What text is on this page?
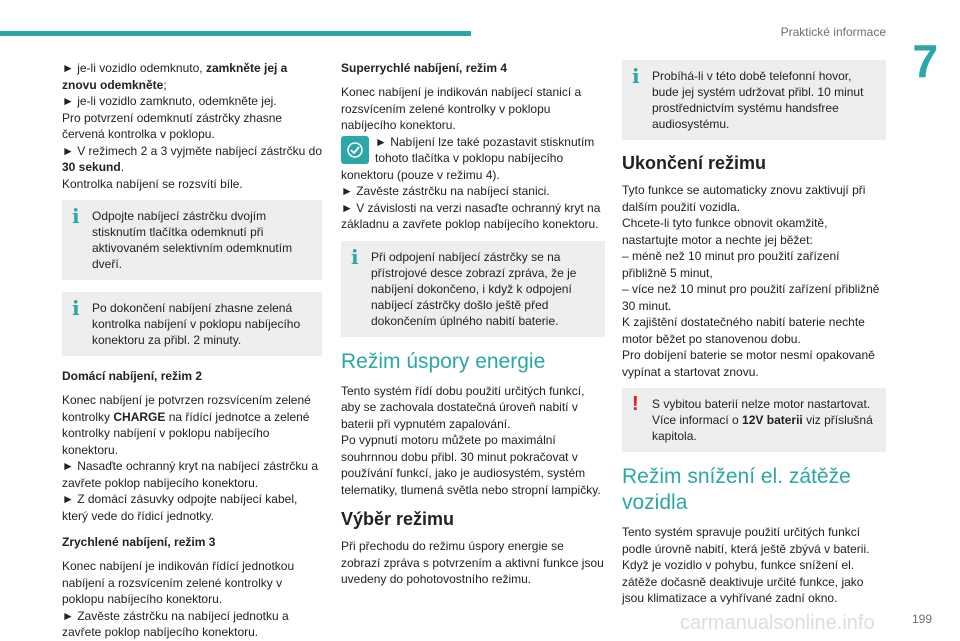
Praktické informace
7

► je-li vozidlo odemknuto, zamkněte jej a znovu odemkněte;

► je-li vozidlo zamknuto, odemkněte jej.

Pro potvrzení odemknutí zástrčky zhasne červená kontrolka v poklopu.

► V režimech 2 a 3 vyjměte nabíjecí zástrčku do 30 sekund.

Kontrolka nabíjení se rozsvítí bíle.

i Odpojte nabíjecí zástrčku dvojím stisknutím tlačítka odemknutí při aktivovaném selektivním odemknutím dveří.
i Po dokončení nabíjení zhasne zelená kontrolka nabíjení v poklopu nabíjecího konektoru za přibl. 2 minuty.
Domácí nabíjení, režim 2

Konec nabíjení je potvrzen rozsvícením zelené kontrolky CHARGE na řídící jednotce a zelené kontrolky nabíjení v poklopu nabíjecího konektoru.

► Nasaďte ochranný kryt na nabíjecí zástrčku a zavřete poklop nabíjecího konektoru.

► Z domácí zásuvky odpojte nabíjecí kabel, který vede do řídicí jednotky.

Zrychlené nabíjení, režim 3

Konec nabíjení je indikován řídící jednotkou nabíjení a rozsvícením zelené kontrolky v poklopu nabíjecího konektoru.

► Zavěste zástrčku na nabíjecí jednotku a zavřete poklop nabíjecího konektoru.

Superrychlé nabíjení, režim 4

Konec nabíjení je indikován nabíjecí stanicí a rozsvícením zelené kontrolky v poklopu nabíjecího konektoru.

► Nabíjení lze také pozastavit stisknutím tohoto tlačítka v poklopu nabíjecího konektoru (pouze v režimu 4).

► Zavěste zástrčku na nabíjecí stanici.

► V závislosti na verzi nasaďte ochranný kryt na základnu a zavřete poklop nabíjecího konektoru.

i Při odpojení nabíjecí zástrčky se na přístrojové desce zobrazí zpráva, že je nabíjení dokončeno, i když k odpojení nabíjecí zástrčky došlo ještě před dokončením úplného nabití baterie.
Režim úspory energie

Tento systém řídí dobu použití určitých funkcí, aby se zachovala dostatečná úroveň nabití v baterii při vypnutém zapalování.

Po vypnutí motoru můžete po maximální souhrnnou dobu přibl. 30 minut pokračovat v používání funkcí, jako je audiosystém, systém telematiky, tlumená světla nebo stropní lampičky.

Výběr režimu

Při přechodu do režimu úspory energie se zobrazí zpráva s potvrzením a aktivní funkce jsou uvedeny do pohotovostního režimu.

i Probíhá-li v této době telefonní hovor, bude jej systém udržovat přibl. 10 minut prostřednictvím systému handsfree audiosystému.
Ukončení režimu

Tyto funkce se automaticky znovu zaktivují při dalším použití vozidla.

Chcete-li tyto funkce obnovit okamžitě, nastartujte motor a nechte jej běžet:

– méně než 10 minut pro použití zařízení přibližně 5 minut,

– více než 10 minut pro použití zařízení přibližně 30 minut.

K zajištění dostatečného nabití baterie nechte motor běžet po stanovenou dobu.

Pro dobíjení baterie se motor nesmí opakovaně vypínat a startovat znovu.

! S vybitou baterií nelze motor nastartovat. Více informací o 12V baterii viz příslušná kapitola.
Režim snížení el. zátěže vozidla

Tento systém spravuje použití určitých funkcí podle úrovně nabití, která ještě zbývá v baterii.

Když je vozidlo v pohybu, funkce snížení el. zátěže dočasně deaktivuje určité funkce, jako jsou klimatizace a vyhřívané zadní okno.

carmanualsonline.info	199
